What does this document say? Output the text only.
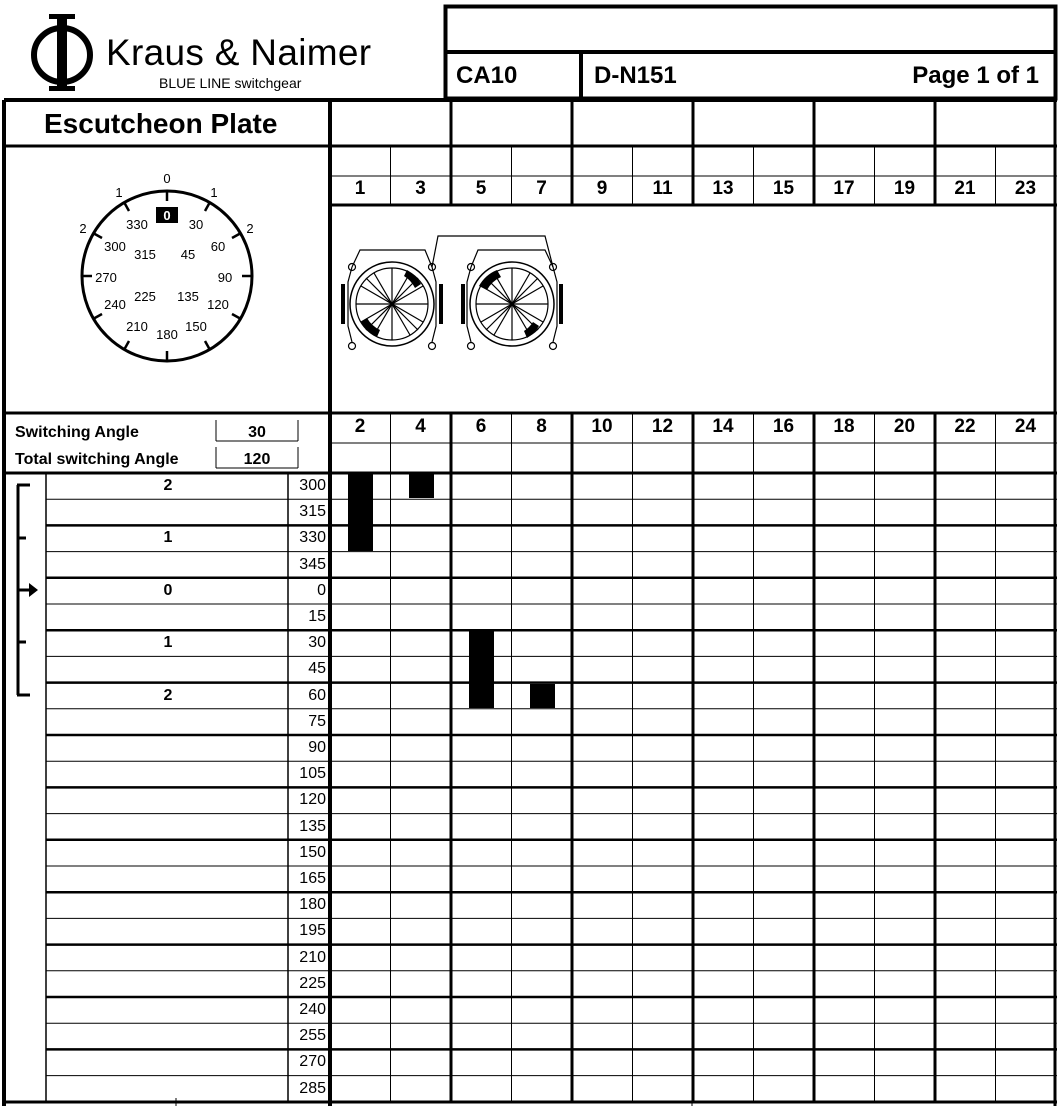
Kraus & Naimer
BLUE LINE switchgear	CA10	D-N151	Page 1 of 1
Escutcheon Plate
0
0
1	1
2	2
330	30
300	60
315 45
270	90
225 135
240	120
210	150
180
1	3	5	7	9	11	13	15	17	19	21	23
2	4	6	8	10	12	14	16	18	20	22	24
Switching Angle	30
Total switching Angle	120
2	300
315
1	330
345
0	0
15
1	30
45
2	60
75
90
105
120
135
150
165
180
195
210
225
240
255
270
285
